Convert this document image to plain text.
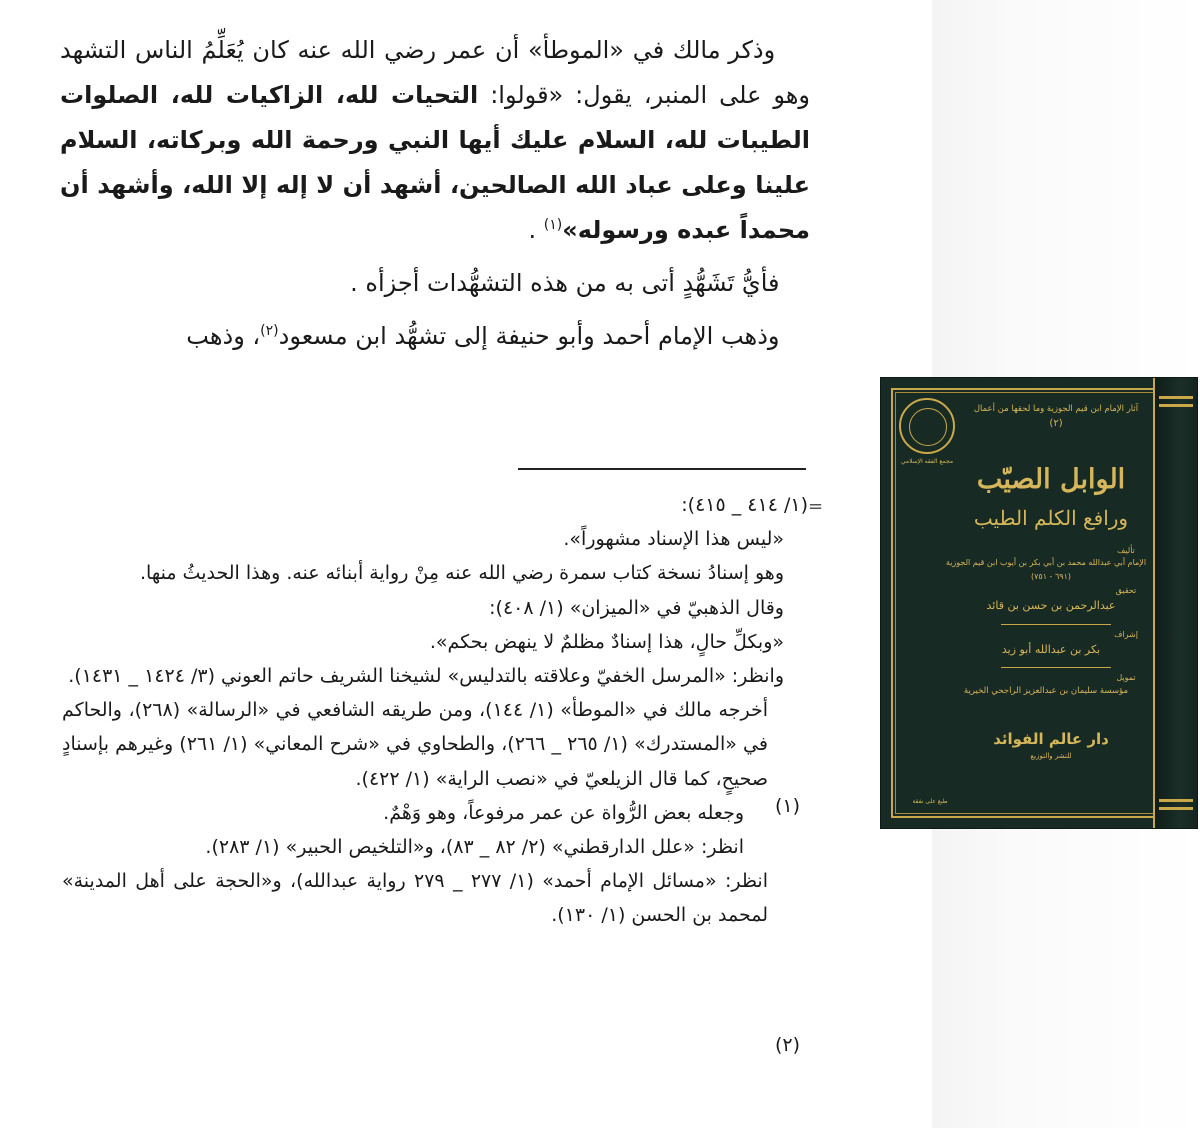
وذكر مالك في «الموطأ» أن عمر رضي الله عنه كان يُعَلِّمُ الناس التشهد وهو على المنبر، يقول: «قولوا: التحيات لله، الزاكيات لله، الصلوات الطيبات لله، السلام عليك أيها النبي ورحمة الله وبركاته، السلام علينا وعلى عباد الله الصالحين، أشهد أن لا إله إلا الله، وأشهد أن محمداً عبده ورسوله»$^{(١)}$ .

فأيُّ تَشَهُّدٍ أتى به من هذه التشهُّدات أجزأه .

وذهب الإمام أحمد وأبو حنيفة إلى تشهُّد ابن مسعود$^{(٢)}$، وذهب

=

(١/ ٤١٤ _ ٤١٥):

«ليس هذا الإسناد مشهوراً».

وهو إسنادُ نسخة كتاب سمرة رضي الله عنه مِنْ رواية أبنائه عنه. وهذا الحديثُ منها.

وقال الذهبيّ في «الميزان» (١/ ٤٠٨):

«وبكلِّ حالٍ، هذا إسنادٌ مظلمٌ لا ينهض بحكم».

وانظر: «المرسل الخفيّ وعلاقته بالتدليس» لشيخنا الشريف حاتم العوني (٣/ ١٤٢٤ _ ١٤٣١).

أخرجه مالك في «الموطأ» (١/ ١٤٤)، ومن طريقه الشافعي في «الرسالة» (٢٦٨)، والحاكم في «المستدرك» (١/ ٢٦٥ _ ٢٦٦)، والطحاوي في «شرح المعاني» (١/ ٢٦١) وغيرهم بإسنادٍ صحيحٍ، كما قال الزيلعيّ في «نصب الراية» (١/ ٤٢٢).

وجعله بعض الرُّواة عن عمر مرفوعاً، وهو وَهْمٌ.

انظر: «علل الدارقطني» (٢/ ٨٢ _ ٨٣)، و«التلخيص الحبير» (١/ ٢٨٣).

انظر: «مسائل الإمام أحمد» (١/ ٢٧٧ _ ٢٧٩ رواية عبدالله)، و«الحجة على أهل المدينة» لمحمد بن الحسن (١/ ١٣٠).

(١)
(٢)
مجمع الفقه الإسلامي
آثار الإمام ابن قيم الجوزية وما لحقها من أعمال
(٢)
الوابل الصيّب
ورافع الكلم الطيب
تأليف
الإمام أبي عبدالله محمد بن أبي بكر بن أيوب ابن قيم الجوزية
(٦٩١ - ٧٥١)
تحقيق
عبدالرحمن بن حسن بن قائد
إشراف
بكر بن عبدالله أبو زيد
تمويل
مؤسسة سليمان بن عبدالعزيز الراجحي الخيرية
دار عالم الفوائد
للنشر والتوزيع
طبع على نفقة
